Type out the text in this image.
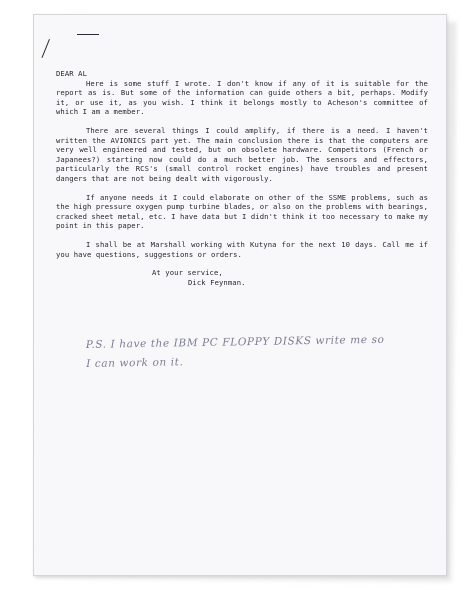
DEAR AL

Here is some stuff I wrote. I don't know if any of it is suitable for the report as is. But some of the information can guide others a bit, perhaps. Modify it, or use it, as you wish. I think it belongs mostly to Acheson's committee of which I am a member.

There are several things I could amplify, if there is a need. I haven't written the AVIONICS part yet. The main conclusion there is that the computers are very well engineered and tested, but on obsolete hardware. Competitors (French or Japanees?) starting now could do a much better job. The sensors and effectors, particularly the RCS's (small control rocket engines) have troubles and present dangers that are not being dealt with vigorously.

If anyone needs it I could elaborate on other of the SSME problems, such as the high pressure oxygen pump turbine blades, or also on the problems with bearings, cracked sheet metal, etc. I have data but I didn't think it too necessary to make my point in this paper.

I shall be at Marshall working with Kutyna for the next 10 days. Call me if you have questions, suggestions or orders.

At your service,

Dick Feynman.

P.S. I have the IBM PC FLOPPY DISKS write me so
I can work on it.
